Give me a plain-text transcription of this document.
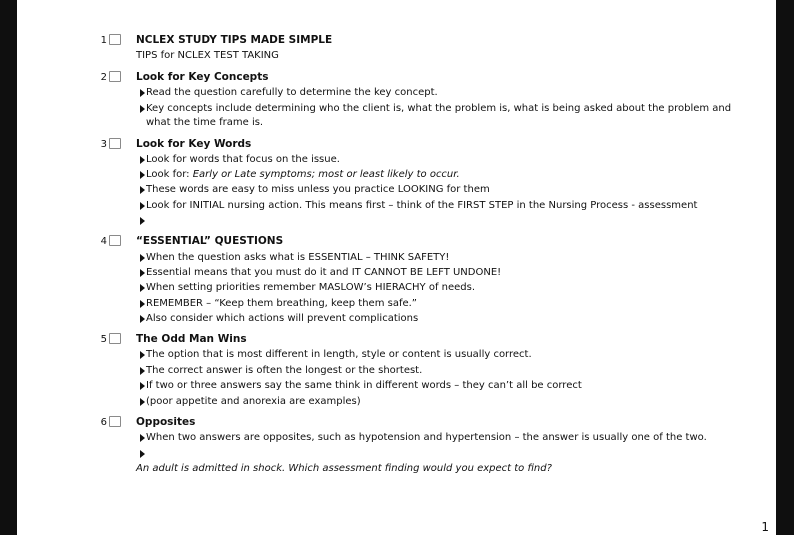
1	NCLEX STUDY TIPS MADE SIMPLE
TIPS for NCLEX TEST TAKING
2	Look for Key Concepts
Read the question carefully to determine the key concept.
Key concepts include determining who the client is, what the problem is, what is being asked about the problem and
what the time frame is.
3	Look for Key Words
Look for words that focus on the issue.
Look for: Early or Late symptoms; most or least likely to occur.
These words are easy to miss unless you practice LOOKING for them
Look for INITIAL nursing action. This means first – think of the FIRST STEP in the Nursing Process - assessment
4	“ESSENTIAL” QUESTIONS
When the question asks what is ESSENTIAL – THINK SAFETY!
Essential means that you must do it and IT CANNOT BE LEFT UNDONE!
When setting priorities remember MASLOW’s HIERACHY of needs.
REMEMBER – “Keep them breathing, keep them safe.”
Also consider which actions will prevent complications
5	The Odd Man Wins
The option that is most different in length, style or content is usually correct.
The correct answer is often the longest or the shortest.
If two or three answers say the same think in different words – they can’t all be correct
(poor appetite and anorexia are examples)
6	Opposites
When two answers are opposites, such as hypotension and hypertension – the answer is usually one of the two.
An adult is admitted in shock. Which assessment finding would you expect to find?
1
